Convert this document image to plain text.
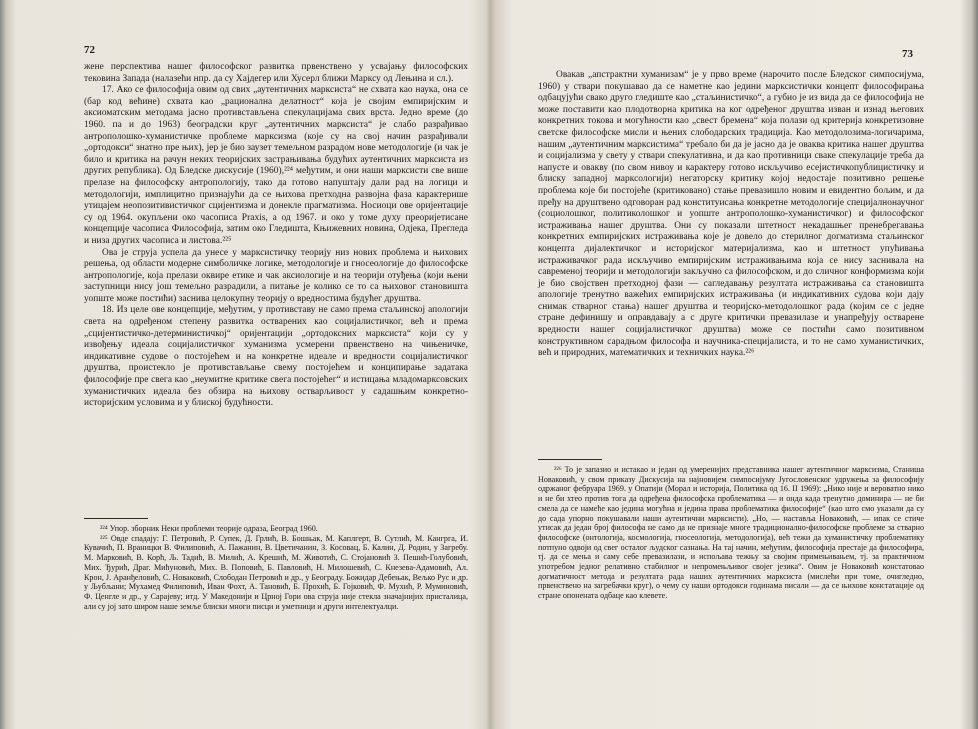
72

жене перспектива нашег философског развитка првенствено у усвајању философских тековина Запада (налазећи нпр. да су Хајдегер или Хусерл ближи Марксу од Лењина и сл.).

17. Ако се философија овим од свих „аутентичних марксиста“ не схвата као наука, она се (бар код већине) схвата као „рационална делатност“ која је својим емпиријским и аксиоматским методама јасно противстављена спекулацијама свих врста. Једно време (до 1960. па и до 1963) београдски круг „аутентичних марксиста“ је слабо разрађивао антрополошко-хуманистичке проблеме марксизма (које су на свој начин разрађивали „ортодокси“ знатно пре њих), јер је био заузет темељном разрадом нове методологије (и чак је било и критика на рачун неких теоријских застрањивања будућих аутентичних марксиста из других република). Од Бледске дискусије (1960),²²⁴ међутим, и они наши марксисти све више прелазе на философску антропологију, тако да готово напуштају дали рад на логици и методологији, имплицитно признајући да се њихова претходна развојна фаза карактерише утицајем неопозитивистичког сцијентизма и донекле прагматизма. Носиоци ове оријентације су од 1964. окупљени око часописа Praxis, а од 1967. и око у томе духу преоријетисане концепције часописа Философија, затим око Гледишта, Књижевних новина, Одјека, Прегледа и низа других часописа и листова.²²⁵

Ова је струја успела да унесе у марксистичку теорију низ нових проблема и њихових решења, од области модерне симболичке логике, методологије и гносеологије до философске антропологије, која прелази оквире етике и чак аксиологије и на теорији отуђења (који њени заступници нису још темељно разрадили, а питање је колико се то са њиховог становишта уопште може постићи) заснива целокупну теорију о вредностима будућег друштва.

18. Из целе ове концепције, међутим, у противставу не само према стаљинској апологији света на одређеном степену развитка остварених као социјалистичког, већ и према „сцијентистичко-детерминистичкој“ оријентацији „ортодоксних марксиста“ који су у извођењу идеала социјалистичког хуманизма усмерени првенствено на чињеничке, индикативне судове о постојећем и на конкретне идеале и вредности социјалистичког друштва, проистекло је противстављање свему постојећем и конципирање задатака философије пре свега као „неумитне критике свега постојећег“ и истицања младомарксовских хуманистичких идеала без обзира на њихову остварљивост у садашњим конкретно-историјским условима и у блиској будућности.

²²⁴ Упор. зборник Неки проблеми теорије одраза, Београд 1960.

²²⁵ Овде спадају: Г. Петровић, Р. Супек, Д. Грлић, В. Бошњак, М. Каплгерт, В. Сутлић, М. Кангрга, И. Кувачић, П. Враницки В. Филиповић, А. Пажанин, В. Цветичанин, З. Косовац, Б. Калин, Д. Родин, у Загребу. М. Марковић, В. Корћ, Љ. Тадић, В. Милић, А. Крешић, М. Животић, С. Стојановић З. Пешић-Голубовић, Мих. Ђурић, Драг. Мићуновић, Мих. В. Поповић, Б. Павловић, Н. Милошевић, С. Кнезевa-Адамовић, Ал. Крон, Ј. Аранђеловић, С. Новаковић, Слободан Петровић и др., у Београду. Божидар Дебењак, Вељко Рус и др. у Љубљани; Мухамед Филиповић, Иван Фохт, А. Тановић, Б. Прохић, Б. Гојковић, Ф. Мухић, Р. Муминовић, Ф. Ценгле и др., у Сарајеву; итд. У Македонији и Црној Гори ова струја није стекла значајнијих присталица, али су јој зато широм наше земље блиски многи писци и уметници и други интелектуалци.

73

Овакав „апстрактни хуманизам“ је у прво време (нарочито после Бледског симпосијума, 1960) у ствари покушавао да се наметне као једини марксистички концепт философирања одбацујући свако друго гледиште као „стаљинистичко“, а губио је из вида да се философија не може поставити као плодотворна критика на ког одређеног друштва изван и изнад његових конкретних токова и могућности као „свест бремена“ која полази од критерија конкретизовне светске философске мисли и њених слободарских традиција. Као методолозима-логичарима, нашим „аутентичним марксистима“ требало би да је јасно да је оваква критика нашег друштва и социјализма у свету у ствари спекулативна, и да као противници сваке спекулације треба да напусте и овакву (по свом нивоу и карактеру готово искључиво есејистичкопублицистичку и блиску западној марксологији) негаторску критику којој недостаје позитивно решење проблема које би постојеће (критиковано) стање превазишло новим и евидентно бољим, и да пређу на друштвено одговоран рад конституисања конкретне методологије специјалнонаучног (социолошког, политиколошког и уопште антрополошко-хуманистичког) и философског истраживања нашег друштва. Они су показали штетност некадашњег пренебрегавања конкретних емпиријских истраживања које је довело до стерилног догматизма стаљинског концепта дијалектичког и историјског материјализма, као и штетност упућивања истраживачког рада искључиво емпиријским истраживањима која се нису заснивала на савременој теорији и методологији закључно са философском, и до сличног конформизма који је био својствен претходној фази — сагледавању резултата истраживања са становишта апологије тренутно важећих емпиријских истраживања (и индикативних судова који дају снимак стварног стања) нашег друштва и теоријско-методолошког рада (којим се с једне стране дефинишу и оправдавају а с друге критички превазилазе и унапређују остварене вредности нашег социјалистичког друштва) може се постићи само позитивном конструктивном сарадњом философа и научника-специјалиста, и то не само хуманистичких, већ и природних, математичких и техничких наука.²²⁶

²²⁶ То је запазио и истакао и један од умеренијих представника нашег аутентичног марксизма, Станиша Новаковић, у свом приказу Дискусија на најновијем симпосијуму Југословенског удружења за философију одржаног фебруара 1969. у Опатији (Морал и историја, Политика од 16. II 1969): „Нико није и вероватно нико и не би хтео против тога да одређена философска проблематика — и онда када тренутно доминира — не би смела да се намеће као једина могућна и једина права проблематика философије“ (као што смо указали да су до сада упорно покушавали наши аутентични марксисти). „Но, — наставља Новаковић, — ипак се стиче утисак да један број философа не само да не признаје многе традиционално-философске проблеме за стварно философске (онтологија, космологија, гносеологија, методологија), већ тежи да хуманистичку проблематику потпуно одвоји од свег осталог људског сазнања. На тај начин, међутим, философија престаје да философира, тј. да се мења и саму себе превазилази, и испољава тежњу за својим примењивањем, тј. за практичном употребом једног релативно стабилног и непромењљивог својег језика“. Овим је Новаковић констатовао догматичност метода и резултата рада наших аутентичних марксиста (мислећи при томе, очигледно, првенствено на загребачки круг), о чему су наши ортодокси годинама писали — да се њихове констатације од стране опонената одбаце као клевете.
